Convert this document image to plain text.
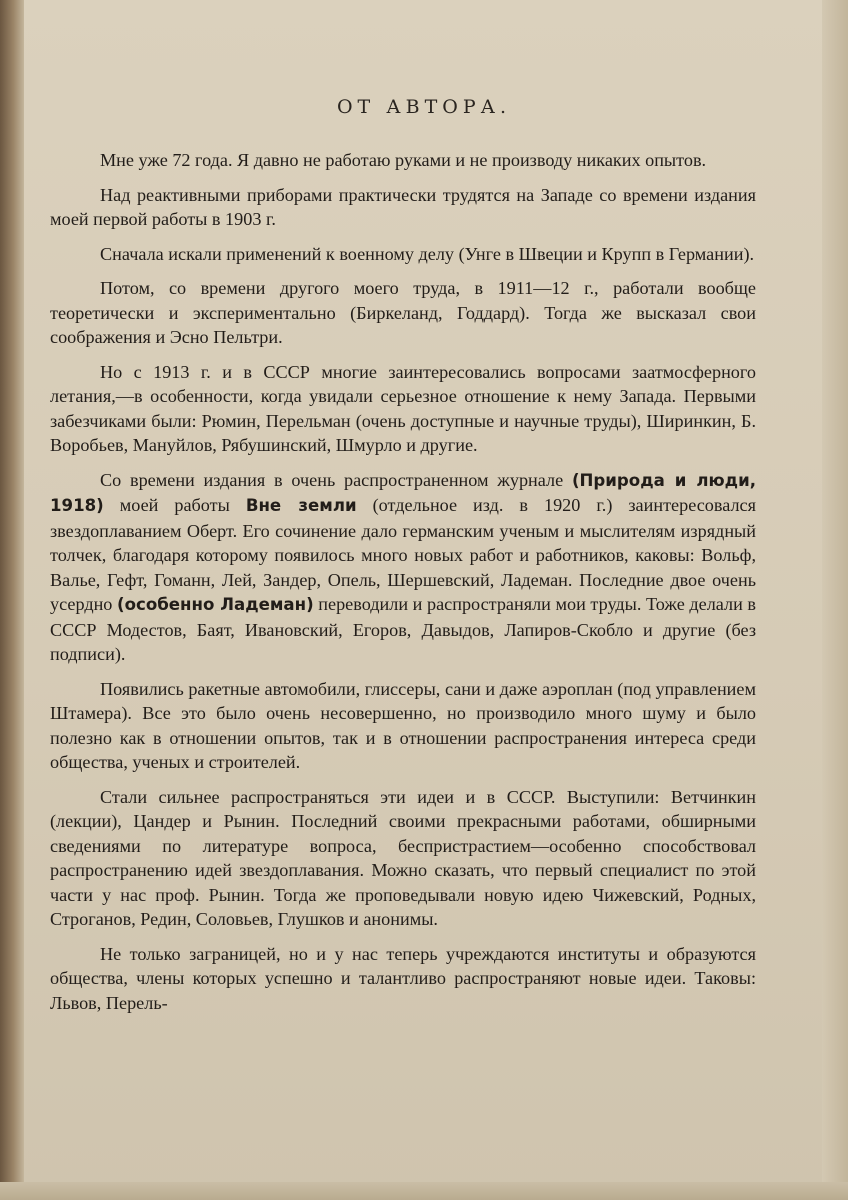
ОТ АВТОРА.

Мне уже 72 года. Я давно не работаю руками и не производу никаких опытов.

Над реактивными приборами практически трудятся на Западе со времени издания моей первой работы в 1903 г.

Сначала искали применений к военному делу (Унге в Швеции и Крупп в Германии).

Потом, со времени другого моего труда, в 1911—12 г., работали вообще теоретически и экспериментально (Биркеланд, Годдард). Тогда же высказал свои соображения и Эсно Пельтри.

Но с 1913 г. и в СССР многие заинтересовались вопросами заатмосферного летания,—в особенности, когда увидали серьезное отношение к нему Запада. Первыми забезчиками были: Рюмин, Перельман (очень доступные и научные труды), Ширинкин, Б. Воробьев, Мануйлов, Рябушинский, Шмурло и другие.

Со времени издания в очень распространенном журнале (Природа и люди, 1918) моей работы Вне земли (отдельное изд. в 1920 г.) заинтересовался звездоплаванием Оберт. Его сочинение дало германским ученым и мыслителям изрядный толчек, благодаря которому появилось много новых работ и работников, каковы: Вольф, Валье, Гефт, Гоманн, Лей, Зандер, Опель, Шершевский, Ладеман. Последние двое очень усердно (особенно Ладеман) переводили и распространяли мои труды. Тоже делали в СССР Модестов, Баят, Ивановский, Егоров, Давыдов, Лапиров-Скобло и другие (без подписи).

Появились ракетные автомобили, глиссеры, сани и даже аэроплан (под управлением Штамера). Все это было очень несовершенно, но производило много шуму и было полезно как в отношении опытов, так и в отношении распространения интереса среди общества, ученых и строителей.

Стали сильнее распространяться эти идеи и в СССР. Выступили: Ветчинкин (лекции), Цандер и Рынин. Последний своими прекрасными работами, обширными сведениями по литературе вопроса, беспристрастием—особенно способствовал распространению идей звездоплавания. Можно сказать, что первый специалист по этой части у нас проф. Рынин. Тогда же проповедывали новую идею Чижевский, Родных, Строганов, Редин, Соловьев, Глушков и анонимы.

Не только заграницей, но и у нас теперь учреждаются институты и образуются общества, члены которых успешно и талантливо распространяют новые идеи. Таковы: Львов, Перель-
